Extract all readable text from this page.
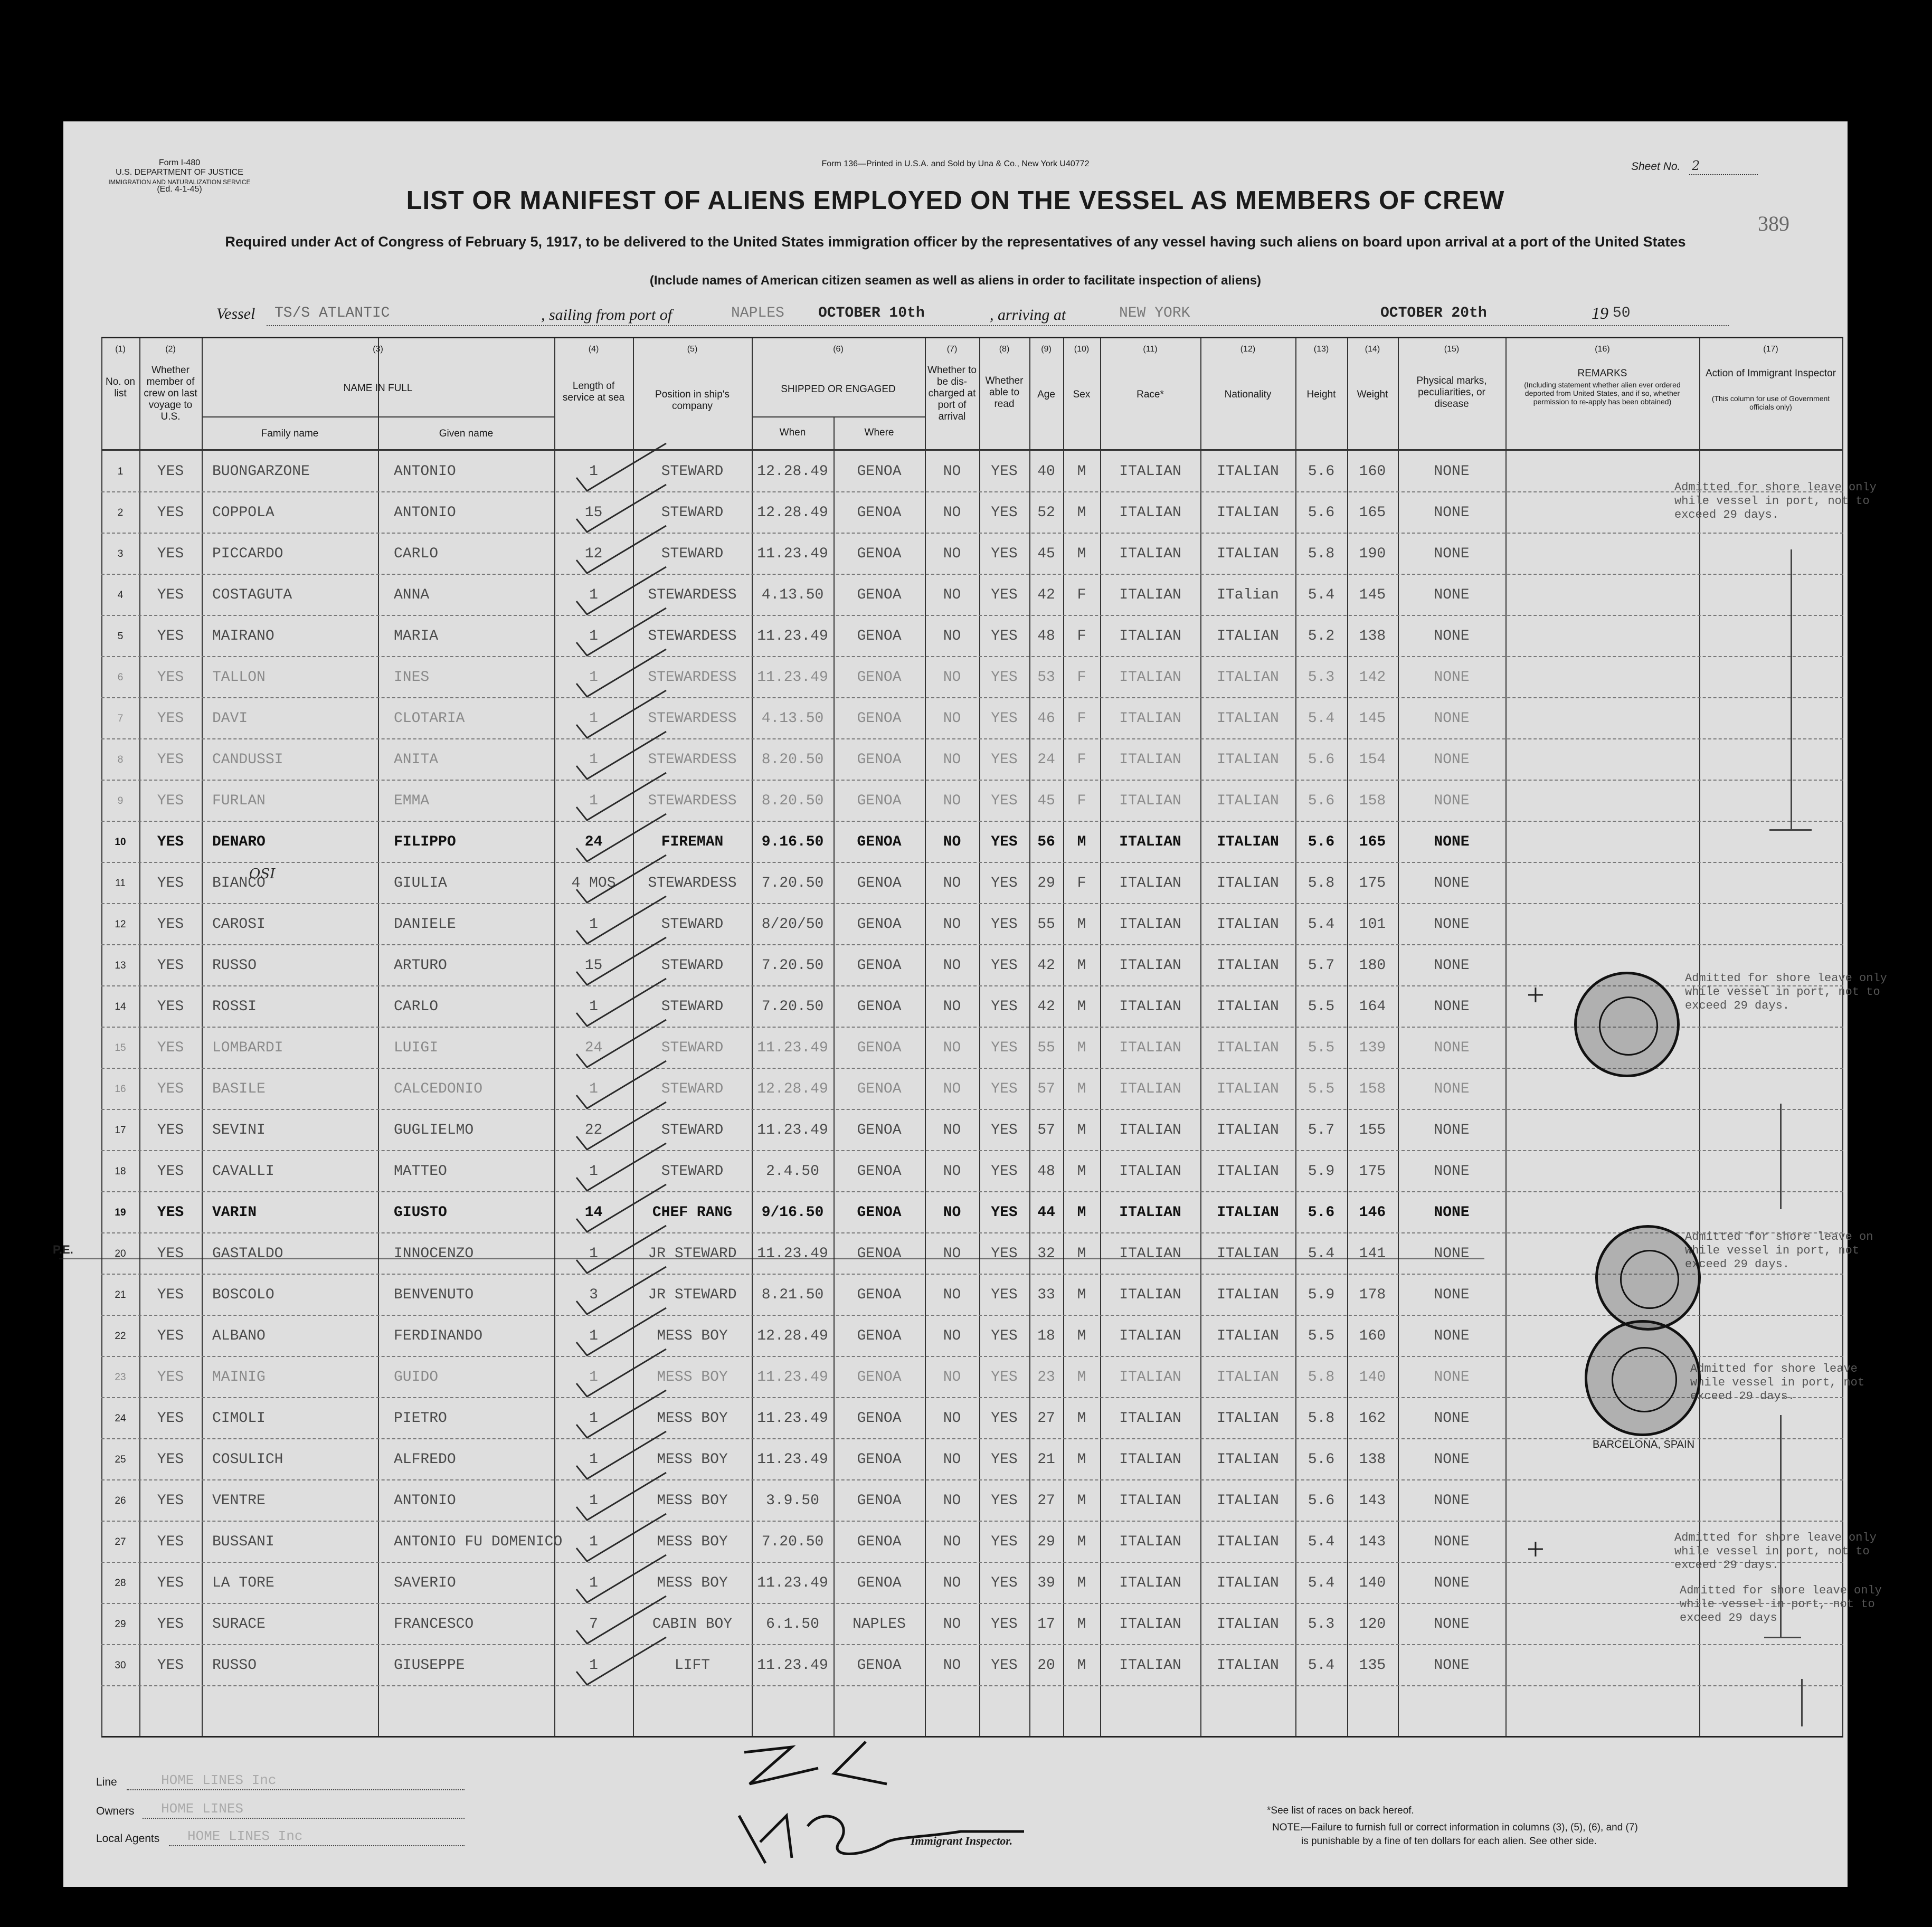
Form I-480
U.S. DEPARTMENT OF JUSTICE
IMMIGRATION AND NATURALIZATION SERVICE
(Ed. 4-1-45)
Form 136—Printed in U.S.A. and Sold by Una & Co., New York U40772	Sheet No. 2
389
LIST OR MANIFEST OF ALIENS EMPLOYED ON THE VESSEL AS MEMBERS OF CREW
Required under Act of Congress of February 5, 1917, to be delivered to the United States immigration officer by the representatives of any vessel having such aliens on board upon arrival at a port of the United States
(Include names of American citizen seamen as well as aliens in order to facilitate inspection of aliens)
Vessel TS/S ATLANTIC	, sailing from port of	NAPLES OCTOBER 10th	, arriving at	NEW YORK	OCTOBER 20th	19 50
(1)	(2)	(3)	(4)	(5)	(6)	(7)	(8)	(9)	(10)	(11)	(12)	(13)	(14)	(15)	(16)	(17)
No. on list
Whether member of crew on last voyage to U.S.
NAME IN FULL
Family name	Given name
Length of service at sea	Position in ship's company
SHIPPED OR ENGAGED
When	Where
Whether to be dis-charged at port of arrival
Whether able to read
Age	Sex	Race*	Nationality	Height	Weight
Physical marks, peculiarities, or disease
REMARKS
(Including statement whether alien ever ordered deported from United States, and if so, whether permission to re-apply has been obtained)
Action of Immigrant Inspector
(This column for use of Government officials only)
1	YES	BUONGARZONE	ANTONIO	1	STEWARD	12.28.49	GENOA	NO	YES	40	M	ITALIAN	ITALIAN	5.6	160	NONE
2	YES	COPPOLA	ANTONIO	15	STEWARD	12.28.49	GENOA	NO	YES	52	M	ITALIAN	ITALIAN	5.6	165	NONE
3	YES	PICCARDO	CARLO	12	STEWARD	11.23.49	GENOA	NO	YES	45	M	ITALIAN	ITALIAN	5.8	190	NONE
4	YES	COSTAGUTA	ANNA	1	STEWARDESS	4.13.50	GENOA	NO	YES	42	F	ITALIAN	ITalian	5.4	145	NONE
5	YES	MAIRANO	MARIA	1	STEWARDESS	11.23.49	GENOA	NO	YES	48	F	ITALIAN	ITALIAN	5.2	138	NONE
6	YES	TALLON	INES	1	STEWARDESS	11.23.49	GENOA	NO	YES	53	F	ITALIAN	ITALIAN	5.3	142	NONE
7	YES	DAVI	CLOTARIA	1	STEWARDESS	4.13.50	GENOA	NO	YES	46	F	ITALIAN	ITALIAN	5.4	145	NONE
8	YES	CANDUSSI	ANITA	1	STEWARDESS	8.20.50	GENOA	NO	YES	24	F	ITALIAN	ITALIAN	5.6	154	NONE
9	YES	FURLAN	EMMA	1	STEWARDESS	8.20.50	GENOA	NO	YES	45	F	ITALIAN	ITALIAN	5.6	158	NONE
10	YES	DENARO	FILIPPO	24	FIREMAN	9.16.50	GENOA	NO	YES	56	M	ITALIAN	ITALIAN	5.6	165	NONE
11	YES	BIANCO	GIULIA	4 MOS	STEWARDESS	7.20.50	GENOA	NO	YES	29	F	ITALIAN	ITALIAN	5.8	175	NONE
12	YES	CAROSI	DANIELE	1	STEWARD	8/20/50	GENOA	NO	YES	55	M	ITALIAN	ITALIAN	5.4	101	NONE
13	YES	RUSSO	ARTURO	15	STEWARD	7.20.50	GENOA	NO	YES	42	M	ITALIAN	ITALIAN	5.7	180	NONE
14	YES	ROSSI	CARLO	1	STEWARD	7.20.50	GENOA	NO	YES	42	M	ITALIAN	ITALIAN	5.5	164	NONE
15	YES	LOMBARDI	LUIGI	24	STEWARD	11.23.49	GENOA	NO	YES	55	M	ITALIAN	ITALIAN	5.5	139	NONE
16	YES	BASILE	CALCEDONIO	1	STEWARD	12.28.49	GENOA	NO	YES	57	M	ITALIAN	ITALIAN	5.5	158	NONE
17	YES	SEVINI	GUGLIELMO	22	STEWARD	11.23.49	GENOA	NO	YES	57	M	ITALIAN	ITALIAN	5.7	155	NONE
18	YES	CAVALLI	MATTEO	1	STEWARD	2.4.50	GENOA	NO	YES	48	M	ITALIAN	ITALIAN	5.9	175	NONE
19	YES	VARIN	GIUSTO	14	CHEF RANG	9/16.50	GENOA	NO	YES	44	M	ITALIAN	ITALIAN	5.6	146	NONE
20	YES	GASTALDO	INNOCENZO	1	JR STEWARD	11.23.49	GENOA	NO	YES	32	M	ITALIAN	ITALIAN	5.4	141	NONE
21	YES	BOSCOLO	BENVENUTO	3	JR STEWARD	8.21.50	GENOA	NO	YES	33	M	ITALIAN	ITALIAN	5.9	178	NONE
22	YES	ALBANO	FERDINANDO	1	MESS BOY	12.28.49	GENOA	NO	YES	18	M	ITALIAN	ITALIAN	5.5	160	NONE
23	YES	MAINIG	GUIDO	1	MESS BOY	11.23.49	GENOA	NO	YES	23	M	ITALIAN	ITALIAN	5.8	140	NONE
24	YES	CIMOLI	PIETRO	1	MESS BOY	11.23.49	GENOA	NO	YES	27	M	ITALIAN	ITALIAN	5.8	162	NONE
25	YES	COSULICH	ALFREDO	1	MESS BOY	11.23.49	GENOA	NO	YES	21	M	ITALIAN	ITALIAN	5.6	138	NONE
26	YES	VENTRE	ANTONIO	1	MESS BOY	3.9.50	GENOA	NO	YES	27	M	ITALIAN	ITALIAN	5.6	143	NONE
27	YES	BUSSANI	ANTONIO FU DOMENICO	1	MESS BOY	7.20.50	GENOA	NO	YES	29	M	ITALIAN	ITALIAN	5.4	143	NONE
28	YES	LA TORE	SAVERIO	1	MESS BOY	11.23.49	GENOA	NO	YES	39	M	ITALIAN	ITALIAN	5.4	140	NONE
29	YES	SURACE	FRANCESCO	7	CABIN BOY	6.1.50	NAPLES	NO	YES	17	M	ITALIAN	ITALIAN	5.3	120	NONE
30	YES	RUSSO	GIUSEPPE	1	LIFT	11.23.49	GENOA	NO	YES	20	M	ITALIAN	ITALIAN	5.4	135	NONE
Admitted for shore leave only
while vessel in port, not to
exceed 29 days.
Admitted for shore leave only
while vessel in port, not to
exceed 29 days.
Admitted for shore leave on
while vessel in port, not
exceed 29 days.
Admitted for shore leave
while vessel in port, not
exceed 29 days.
Admitted for shore leave only
while vessel in port, not to
exceed 29 days.
Admitted for shore leave only
while vessel in port, not to
exceed 29 days.
BARCELONA, SPAIN
+
+
P.E.
OSI
Immigrant Inspector.
Line	HOME LINES Inc
Owners HOME LINES
Local Agents HOME LINES Inc
*See list of races on back hereof.
NOTE.
—Failure to furnish full or correct information in columns (3), (5), (6), and (7)
is punishable by a fine of ten dollars for each alien. See other side.
